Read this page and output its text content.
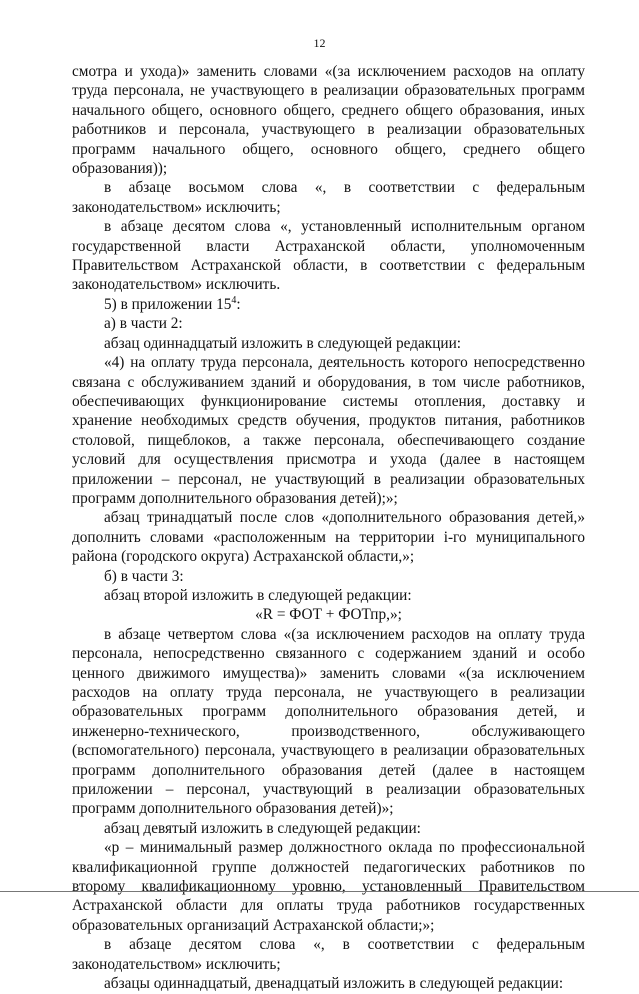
12

смотра и ухода)» заменить словами «(за исключением расходов на оплату труда персонала, не участвующего в реализации образовательных программ начального общего, основного общего, среднего общего образования, иных работников и персонала, участвующего в реализации образовательных программ начального общего, основного общего, среднего общего образования));

в абзаце восьмом слова «, в соответствии с федеральным законодательством» исключить;

в абзаце десятом слова «, установленный исполнительным органом государственной власти Астраханской области, уполномоченным Правительством Астраханской области, в соответствии с федеральным законодательством» исключить.

5) в приложении $15^4$:

а) в части 2:

абзац одиннадцатый изложить в следующей редакции:

«4) на оплату труда персонала, деятельность которого непосредственно связана с обслуживанием зданий и оборудования, в том числе работников, обеспечивающих функционирование системы отопления, доставку и хранение необходимых средств обучения, продуктов питания, работников столовой, пищеблоков, а также персонала, обеспечивающего создание условий для осуществления присмотра и ухода (далее в настоящем приложении – персонал, не участвующий в реализации образовательных программ дополнительного образования детей);»;

абзац тринадцатый после слов «дополнительного образования детей,» дополнить словами «расположенным на территории i-го муниципального района (городского округа) Астраханской области,»;

б) в части 3:

абзац второй изложить в следующей редакции:

«R = ФОТ + ФОТпр,»;

в абзаце четвертом слова «(за исключением расходов на оплату труда персонала, непосредственно связанного с содержанием зданий и особо ценного движимого имущества)» заменить словами «(за исключением расходов на оплату труда персонала, не участвующего в реализации образовательных программ дополнительного образования детей, и инженерно-технического, производственного, обслуживающего (вспомогательного) персонала, участвующего в реализации образовательных программ дополнительного образования детей (далее в настоящем приложении – персонал, участвующий в реализации образовательных программ дополнительного образования детей)»;

абзац девятый изложить в следующей редакции:

«р – минимальный размер должностного оклада по профессиональной квалификационной группе должностей педагогических работников по второму квалификационному уровню, установленный Правительством Астраханской области для оплаты труда работников государственных образовательных организаций Астраханской области;»;

в абзаце десятом слова «, в соответствии с федеральным законодательством» исключить;

абзацы одиннадцатый, двенадцатый изложить в следующей редакции:
